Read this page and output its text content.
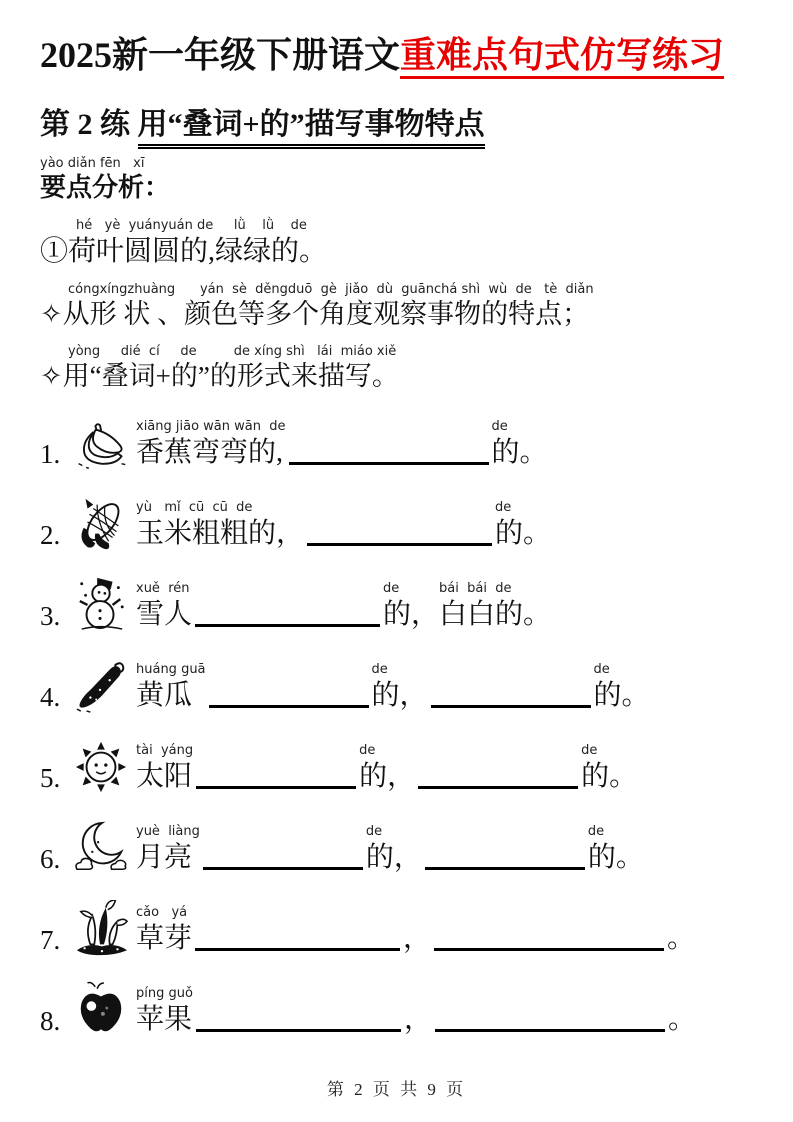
2025新一年级下册语文重难点句式仿写练习
第 2 练 用“叠词+的”描写事物特点
yào diǎn fēn   xī
要点分析：
hé   yè  yuányuán de     lǜ    lǜ    de
①荷叶圆圆的,绿绿的。
cóngxíngzhuàng      yán  sè  děngduō  gè  jiǎo  dù  guānchá shì  wù  de   tè  diǎn
✧从形 状 、颜色等多个角度观察事物的特点；
yòng     dié  cí     de         de xíng shì   lái  miáo xiě
✧用“叠词+的”的形式来描写。
1.
xiāng jiāo wān wān  de
香蕉弯弯的,
de
的。
2.
yù   mǐ  cū  cū  de
玉米粗粗的，
de
的。
3.
xuě  rén
雪人
de
的，
bái  bái  de
白白的。
4.
huáng guā
黄瓜
de
的，
de
的。
5.
tài  yáng
太阳
de
的，
de
的。
6.
yuè  liàng
月亮
de
的，
de
的。
7.
cǎo   yá
草芽	，	。
8.
píng guǒ
苹果	，	。
第 2 页 共 9 页
